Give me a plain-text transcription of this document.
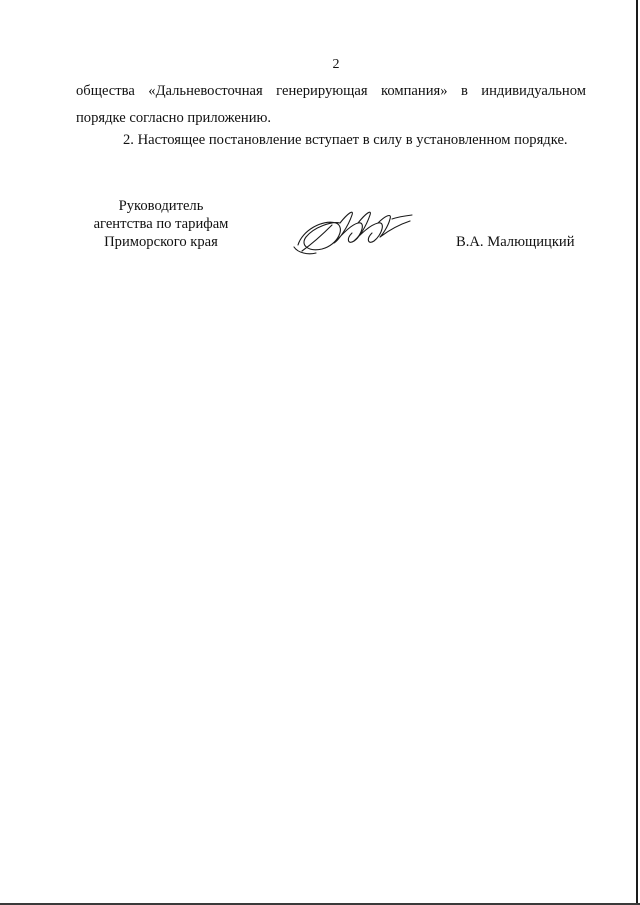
2
общества «Дальневосточная генерирующая компания» в индивидуальном
порядке согласно приложению.
2. Настоящее постановление вступает в силу в установленном порядке.
Руководитель
агентства по тарифам
Приморского края	В.А. Малющицкий
